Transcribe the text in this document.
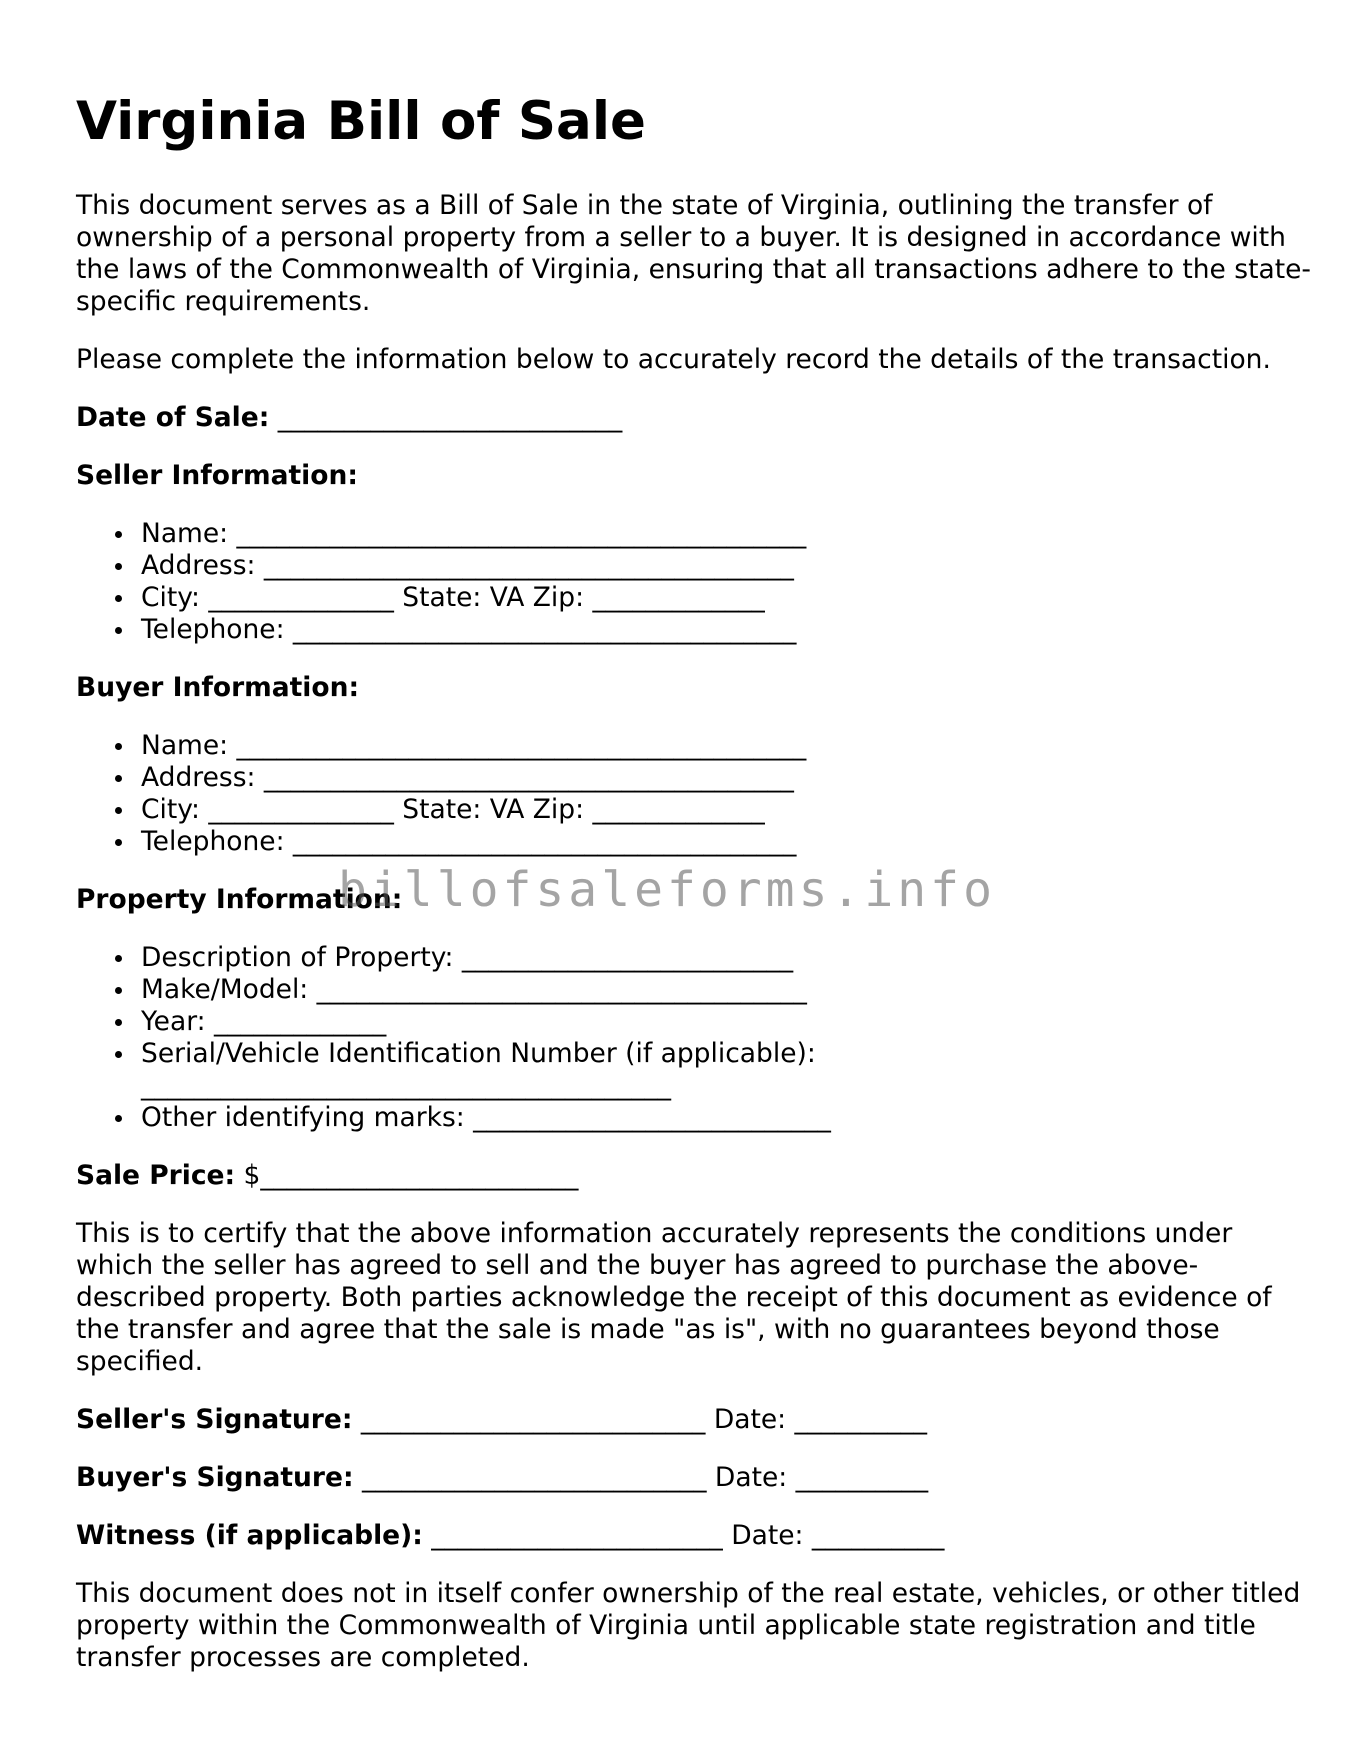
Virginia Bill of Sale

This document serves as a Bill of Sale in the state of Virginia, outlining the transfer of ownership of a personal property from a seller to a buyer. It is designed in accordance with the laws of the Commonwealth of Virginia, ensuring that all transactions adhere to the state-specific requirements.

Please complete the information below to accurately record the details of the transaction.

Date of Sale: __________________________

Seller Information:

Name: ___________________________________________
Address: ________________________________________
City: ______________ State: VA Zip: _____________
Telephone: ______________________________________

Buyer Information:

Name: ___________________________________________
Address: ________________________________________
City: ______________ State: VA Zip: _____________
Telephone: ______________________________________

Property Information:

Description of Property: _________________________
Make/Model: _____________________________________
Year: _____________
Serial/Vehicle Identification Number (if applicable):
________________________________________
Other identifying marks: ___________________________

Sale Price: $________________________

This is to certify that the above information accurately represents the conditions under which the seller has agreed to sell and the buyer has agreed to purchase the above-described property. Both parties acknowledge the receipt of this document as evidence of the transfer and agree that the sale is made "as is", with no guarantees beyond those specified.

Seller's Signature: __________________________ Date: __________

Buyer's Signature: __________________________ Date: __________

Witness (if applicable): ______________________ Date: __________

This document does not in itself confer ownership of the real estate, vehicles, or other titled property within the Commonwealth of Virginia until applicable state registration and title transfer processes are completed.

billofsaleforms.info
